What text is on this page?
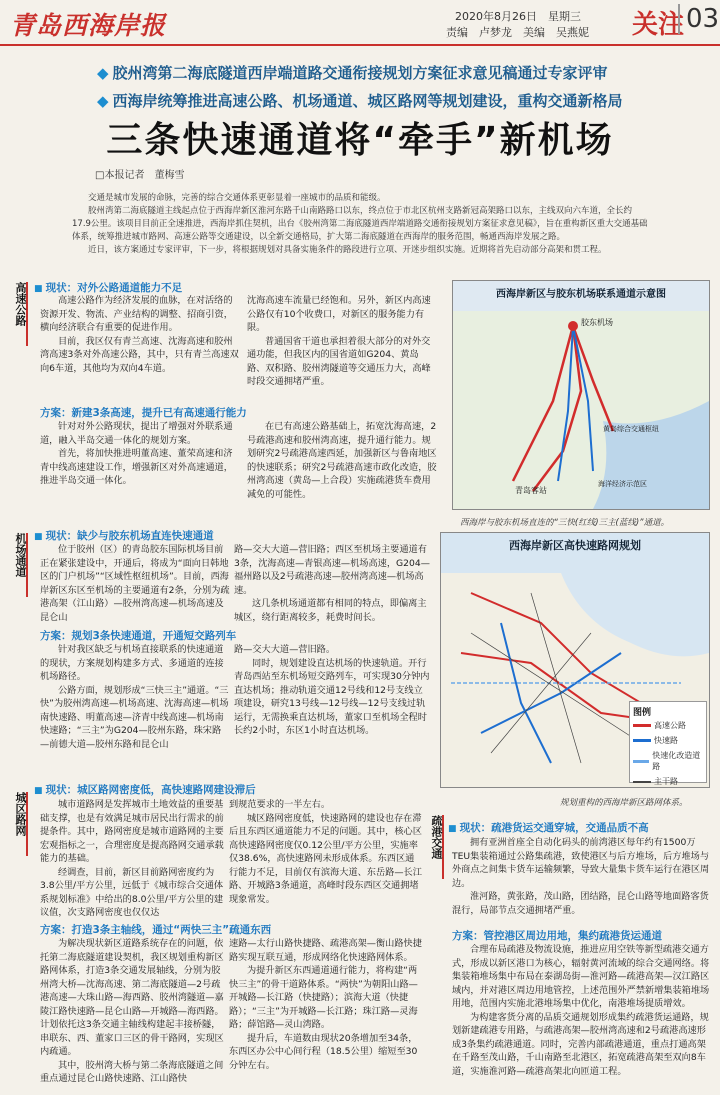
青岛西海岸报	2020年8月26日　星期三
责编　卢梦龙　美编　吴燕妮 关注 03
◆ 胶州湾第二海底隧道西岸端道路交通衔接规划方案征求意见稿通过专家评审
◆ 西海岸统筹推进高速公路、机场通道、城区路网等规划建设，重构交通新格局
三条快速通道将“牵手”新机场
□本报记者　董梅雪

交通是城市发展的命脉，完善的综合交通体系更彰显着一座城市的品质和能级。

胶州湾第二海底隧道主线起点位于西海岸新区淮河东路千山南路路口以东，终点位于市北区杭州支路新冠高架路口以东，主线双向六车道，全长约17.9公里。该项目目前正全速推进，西海岸抓住契机，出台《胶州湾第二海底隧道西岸端道路交通衔接规划方案征求意见稿》，旨在重构新区重大交通基础体系，统筹推进城市路网、高速公路等交通建设，以全新交通格局，扩大第二海底隧道在西海岸的服务范围，畅通西海岸发展之路。

近日，该方案通过专家评审，下一步，将根据规划对具备实施条件的路段进行立项、开迷步组织实施。近期将首先启动部分高架和贯工程。

高速公路 ■ 现状：对外公路通道能力不足

高速公路作为经济发展的血脉，在对活络的资源开发、物流、产业结构的调整、招商引资，横向经济联合有重要的促进作用。

目前，我区仅有青兰高速、沈海高速和胶州湾高速3条对外高速公路，其中，只有青兰高速双向6车道，其他均为双向4车道。

沈海高速车流量已经饱和。另外，新区内高速公路仅有10个收费口，对新区的服务能力有限。

普通国省干道也承担着很大部分的对外交通功能，但我区内的国省道如G204、黄岛路、双积路、胶州湾隧道等交通压力大，高峰时段交通拥堵严重。

方案：新建3条高速，提升已有高速通行能力

针对对外公路现状，提出了增强对外联系通道，融入半岛交通一体化的规划方案。

首先，将加快推进明董高速、董荣高速和济青中线高速建设工作，增强新区对外高速通道，推进半岛交通一体化。

在已有高速公路基础上，拓宽沈海高速，2号疏港高速和胶州湾高速，提升通行能力。规划研究2号疏港高速西延，加强新区与鲁南地区的快速联系；研究2号疏港高速市政化改造，胶州湾高速（黄岛—上合段）实施疏港货车费用减免的可能性。

机场通道 ■ 现状：缺少与胶东机场直连快速通道

位于胶州（区）的青岛胶东国际机场目前正在紧张建设中，开通后，将成为“面向日韩地区的门户机场”“区域性枢纽机场”。目前，西海岸新区东区至机场的主要通道有2条，分别为疏港高架（江山路）—胶州湾高速—机场高速及昆仑山

路—交大大道—营旧路；西区至机场主要通道有3条，沈海高速—青银高速—机场高速，G204—福州路以及2号疏港高速—胶州湾高速—机场高速。

这几条机场通道都有相同的特点，即偏离主城区，绕行距离较多，耗费时间长。

方案：规划3条快速通道，开通短交路列车

针对我区缺乏与机场直接联系的快速通道的现状，方案规划构建多方式、多通道的连接机场路径。

公路方面，规划形成“三快三主”通道。“三快”为胶州湾高速—机场高速、沈海高速—机场南快速路、明董高速—济青中线高速—机场南快速路；“三主”为G204—胶州东路，珠宋路—前德大道—胶州东路和昆仑山

路—交大大道—营旧路。

同时，规划建设直达机场的快速轨道。开行青岛西站至东机场短交路列车，可实现30分钟内直达机场；推动轨道交通12号线和12号支线立项建设，研究13号线—12号线—12号支线过轨运行，无需换乘直达机场，董家口至机场全程时长约2小时，东区1小时直达机场。

城区路网
■ 现状：城区路网密度低，高快速路网建设滞后

城市道路网是发挥城市土地效益的重要基础支撑，也是有效满足城市居民出行需求的前提条件。其中，路网密度是城市道路网的主要宏观指标之一，合理密度是提高路网交通承载能力的基础。

经调查，目前，新区目前路网密度约为3.8公里/平方公里，远低于《城市综合交通体系规划标准》中给出的8.0公里/平方公里的建议值，次支路网密度也仅仅达

到规范要求的一半左右。

城区路网密度低，快速路网的建设也存在滞后且东西区通道能力不足的问题。其中，核心区高快速路网密度仅0.12公里/平方公里，实施率仅38.6%，高快速路网未形成体系。东西区通行能力不足，目前仅有滨海大道、东岳路—长江路、开城路3条通道，高峰时段东西区交通拥堵现象常发。

方案：打造3条主轴线，通过“两快三主”疏通东西

为解决现状新区道路系统存在的问题，依托第二海底隧道建设契机，我区规划重构新区路网体系，打造3条交通发展轴线，分别为胶州湾大桥—沈海高速、第二海底隧道—2号疏港高速—大珠山路—海西路、胶州湾隧道—嘉陵江路快速路—昆仑山路—开城路—海西路。计划依托这3条交通主轴线构建起丰接桥隧，串联东、西、董家口三区的骨干路网，实现区内疏通。

其中，胶州湾大桥与第二条海底隧道之间重点通过昆仑山路快速路、江山路快

速路—太行山路快捷路、疏港高架—衡山路快捷路实现互联互通，形成网络化快速路网体系。

为提升新区东西通道通行能力，将构建“两快三主”的骨干道路体系。“两快”为朝阳山路—开城路—长江路（快捷路）；滨海大道（快捷路）；“三主”为开城路—长江路；珠江路—灵海路；薛馆路—灵山湾路。

提升后，车道数由现状20条增加至34条，东西区办公中心间行程（18.5公里）缩短至30分钟左右。

西海岸新区与胶东机场联系通道示意图
胶东机场
青岛客站
黄岛综合交通枢纽
海洋经济示范区
西海岸与胶东机场直连的“三快(红线)三主(蓝线)”通道。
西海岸新区高快速路网规划
图例
高速公路
快速路
快速化改造道路
主干路
规划重构的西海岸新区路网体系。
疏港交通 ■ 现状：疏港货运交通穿城，交通品质不高

拥有亚洲首座全自动化码头的前湾港区每年约有1500万TEU集装箱通过公路集疏港，致使港区与后方堆场，后方堆场与外商点之间集卡货车运输频繁，导致大量集卡货车运行在港区周边。

淮河路，黄张路，茂山路，团结路，昆仑山路等地面路客货混行，局部节点交通拥堵严重。

方案：管控港区周边用地，集约疏港货运通道

合理布局疏港及物流设施，推进应用空铁等新型疏港交通方式，形成以新区港口为核心，辐射黄河流域的综合交通网络。将集装箱堆场集中布局在泰湖岛街—淮河路—疏港高架—汉江路区域内，并对港区周边用地管控，上述范围外严禁新增集装箱堆场用地，范围内实施北港堆场集中优化，南港堆场提质增效。

为构建客货分离的品质交通规划形成集约疏港货运通路，规划新建疏港专用路，与疏港高架—胶州湾高速和2号疏港高速形成3条集约疏港通道。同时，完善内部疏港通道，重点打通高架在千路至茂山路，千山南路至北港区，拓宽疏港高架至双向8车道，实施淮河路—疏港高架北向匝道工程。
